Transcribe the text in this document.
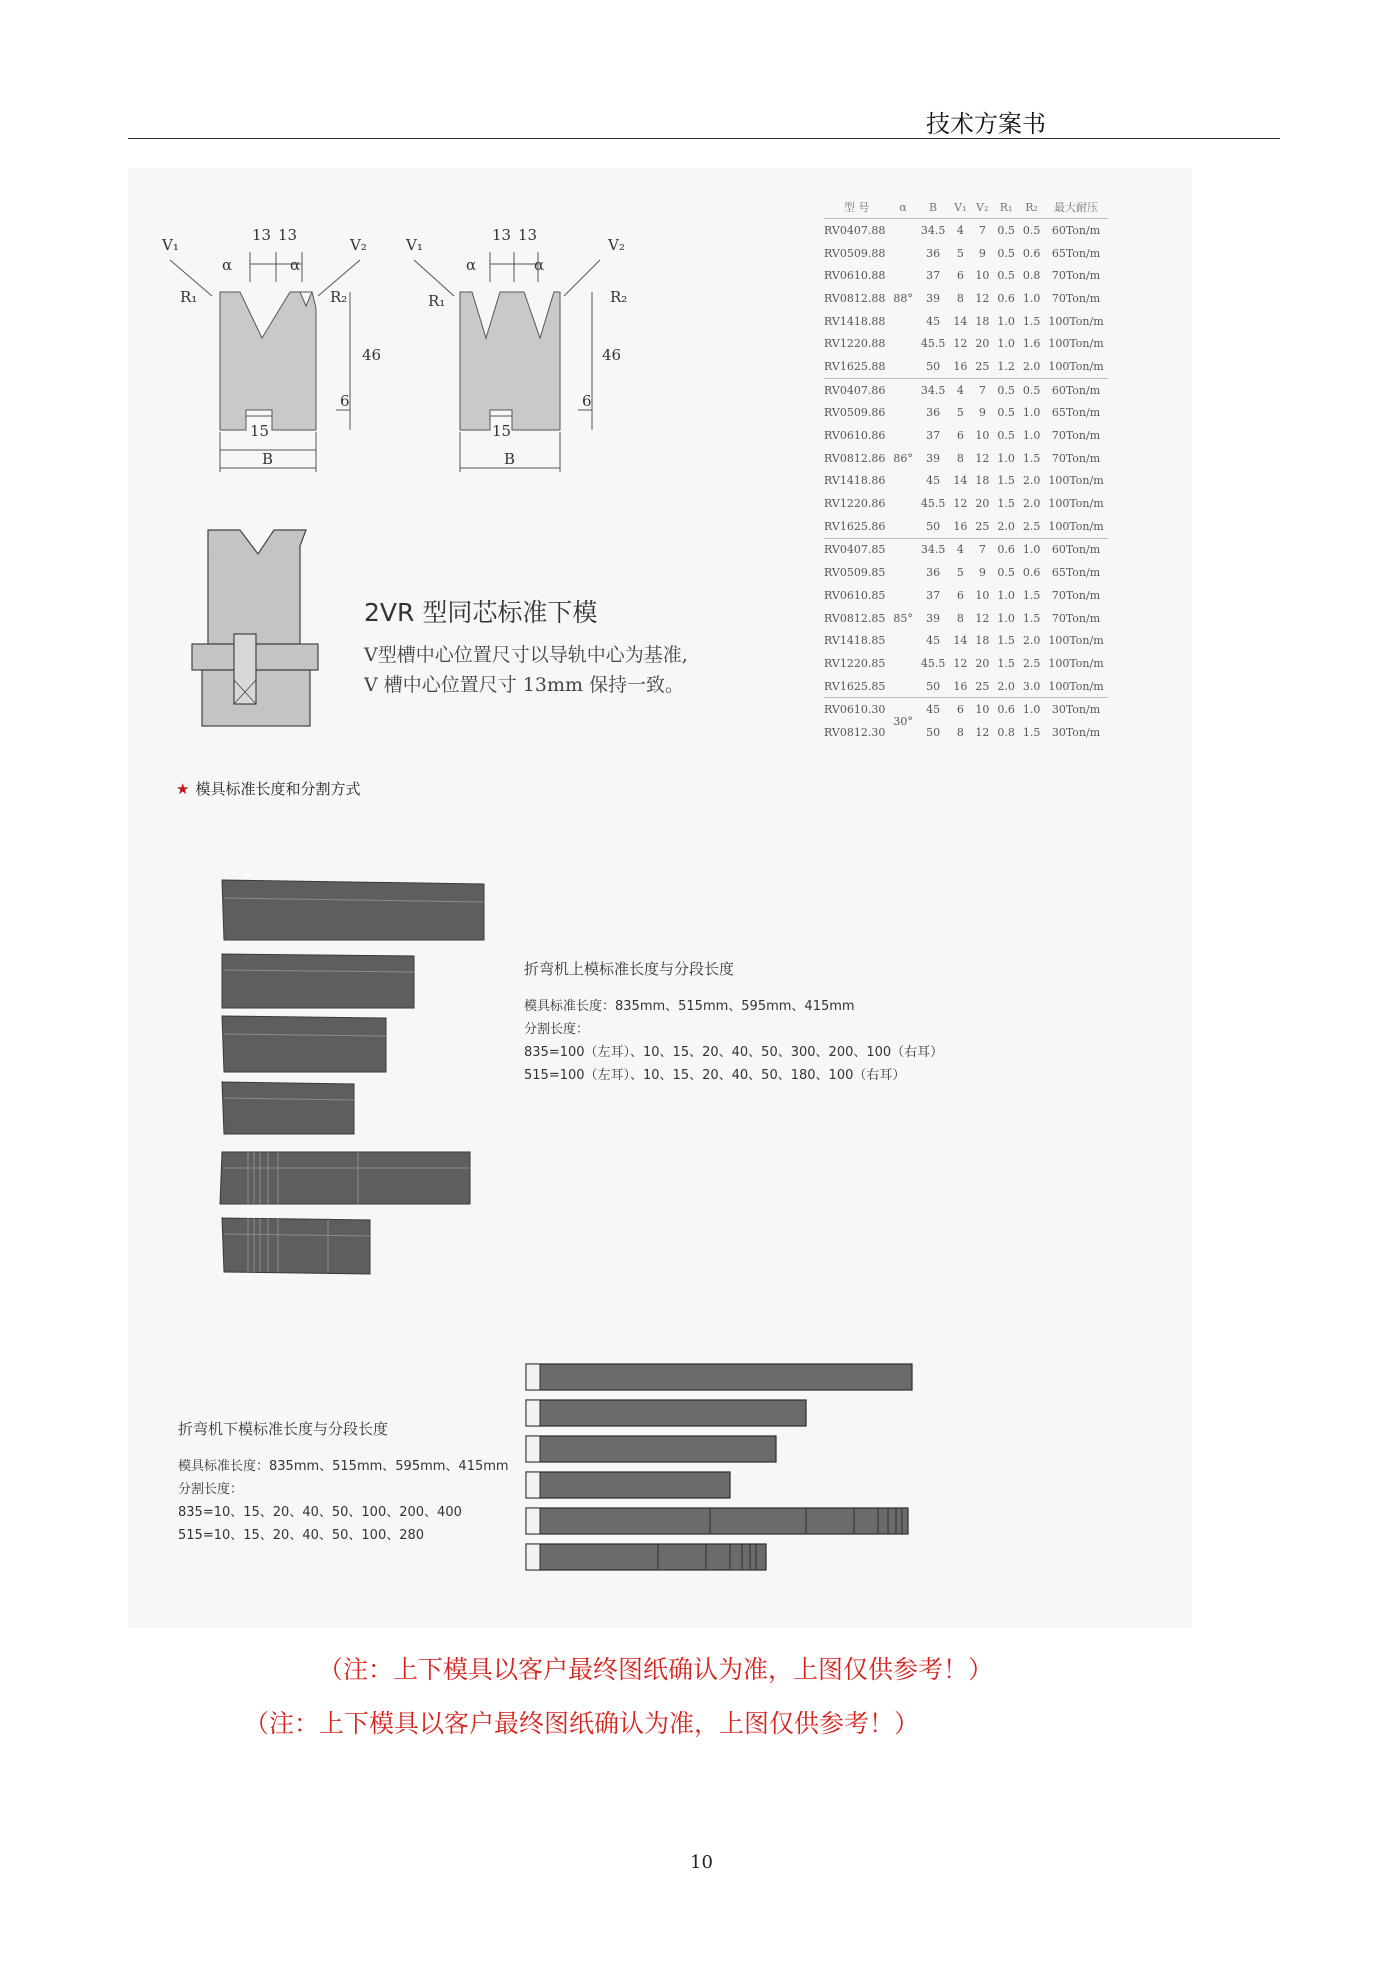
技术方案书
13 13
V₁	V₂
α	α
R₁	R₂
46
6
15
B
13 13
V₁	V₂
α	α
R₁	R₂
46
6
15
B
型 号	α	B	V₁	V₂	R₁	R₂	最大耐压
RV0407.88	88°	34.5	4	7	0.5	0.5	60Ton/m
RV0509.88		36	5	9	0.5	0.6	65Ton/m
RV0610.88		37	6	10	0.5	0.8	70Ton/m
RV0812.88		39	8	12	0.6	1.0	70Ton/m
RV1418.88		45	14	18	1.0	1.5	100Ton/m
RV1220.88		45.5	12	20	1.0	1.6	100Ton/m
RV1625.88		50	16	25	1.2	2.0	100Ton/m
RV0407.86	86°	34.5	4	7	0.5	0.5	60Ton/m
RV0509.86		36	5	9	0.5	1.0	65Ton/m
RV0610.86		37	6	10	0.5	1.0	70Ton/m
RV0812.86		39	8	12	1.0	1.5	70Ton/m
RV1418.86		45	14	18	1.5	2.0	100Ton/m
RV1220.86		45.5	12	20	1.5	2.0	100Ton/m
RV1625.86		50	16	25	2.0	2.5	100Ton/m
RV0407.85	85°	34.5	4	7	0.6	1.0	60Ton/m
RV0509.85		36	5	9	0.5	0.6	65Ton/m
RV0610.85		37	6	10	1.0	1.5	70Ton/m
RV0812.85		39	8	12	1.0	1.5	70Ton/m
RV1418.85		45	14	18	1.5	2.0	100Ton/m
RV1220.85		45.5	12	20	1.5	2.5	100Ton/m
RV1625.85		50	16	25	2.0	3.0	100Ton/m
RV0610.30	30°	45	6	10	0.6	1.0	30Ton/m
RV0812.30		50	8	12	0.8	1.5	30Ton/m
2VR 型同芯标准下模
V型槽中心位置尺寸以导轨中心为基准,
V 槽中心位置尺寸 13mm 保持一致。
★ 模具标准长度和分割方式
折弯机上模标准长度与分段长度
模具标准长度：835mm、515mm、595mm、415mm
分割长度：
835=100（左耳）、10、15、20、40、50、300、200、100（右耳）
515=100（左耳）、10、15、20、40、50、180、100（右耳）
折弯机下模标准长度与分段长度
模具标准长度：835mm、515mm、595mm、415mm
分割长度：
835=10、15、20、40、50、100、200、400
515=10、15、20、40、50、100、280
（注：上下模具以客户最终图纸确认为准，上图仅供参考！）
（注：上下模具以客户最终图纸确认为准，上图仅供参考！）
10
